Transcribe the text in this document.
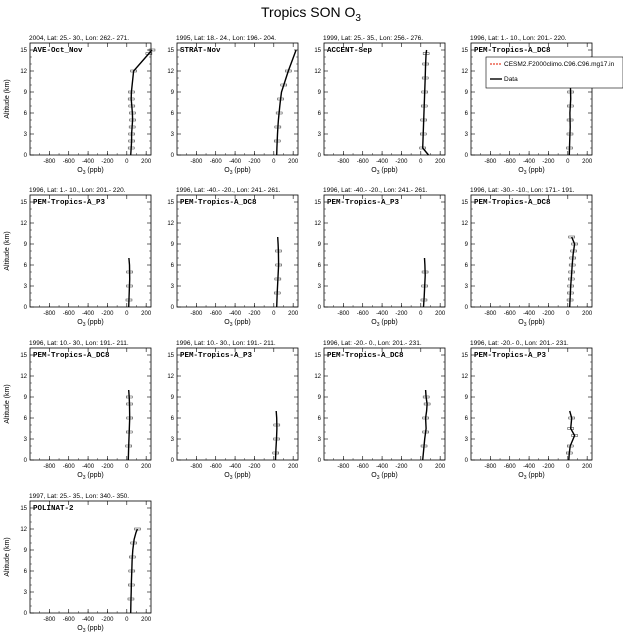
Tropics SON $O_3$
2004, Lat: 25.- 30., Lon: 262.- 271.
AVE-Oct_Nov
-800 -600 -400 -200 0 200
0
3
6
9
12
15
$O_3$ (ppb)
Altitude (km)
1995, Lat: 18.- 24., Lon: 196.- 204.
STRAT-Nov
-800 -600 -400 -200 0 200
0
3
6
9
12
15
$O_3$ (ppb)
1999, Lat: 25.- 35., Lon: 256.- 276.
ACCENT-Sep
-800 -600 -400 -200 0 200
0
3
6
9
12
15
$O_3$ (ppb)
1996, Lat: 1.- 10., Lon: 201.- 220.
PEM-Tropics-A_DC8
-800 -600 -400 -200 0 200
0
3
6
9
12
15
$O_3$ (ppb)
CESM2.F2000climo.C96.C96.mg17.in
Data
1996, Lat: 1.- 10., Lon: 201.- 220.
PEM-Tropics-A_P3
-800 -600 -400 -200 0 200
0
3
6
9
12
15
$O_3$ (ppb)
Altitude (km)
1996, Lat: -40.- -20., Lon: 241.- 261.
PEM-Tropics-A_DC8
-800 -600 -400 -200 0 200
0
3
6
9
12
15
$O_3$ (ppb)
1996, Lat: -40.- -20., Lon: 241.- 261.
PEM-Tropics-A_P3
-800 -600 -400 -200 0 200
0
3
6
9
12
15
$O_3$ (ppb)
1996, Lat: -30.- -10., Lon: 171.- 191.
PEM-Tropics-A_DC8
-800 -600 -400 -200 0 200
0
3
6
9
12
15
$O_3$ (ppb)
1996, Lat: 10.- 30., Lon: 191.- 211.
PEM-Tropics-A_DC8
-800 -600 -400 -200 0 200
0
3
6
9
12
15
$O_3$ (ppb)
Altitude (km)
1996, Lat: 10.- 30., Lon: 191.- 211.
PEM-Tropics-A_P3
-800 -600 -400 -200 0 200
0
3
6
9
12
15
$O_3$ (ppb)
1996, Lat: -20.- 0., Lon: 201.- 231.
PEM-Tropics-A_DC8
-800 -600 -400 -200 0 200
0
3
6
9
12
15
$O_3$ (ppb)
1996, Lat: -20.- 0., Lon: 201.- 231.
PEM-Tropics-A_P3
-800 -600 -400 -200 0 200
0
3
6
9
12
15
$O_3$ (ppb)
1997, Lat: 25.- 35., Lon: 340.- 350.
POLINAT-2
-800 -600 -400 -200 0 200
0
3
6
9
12
15
$O_3$ (ppb)
Altitude (km)
